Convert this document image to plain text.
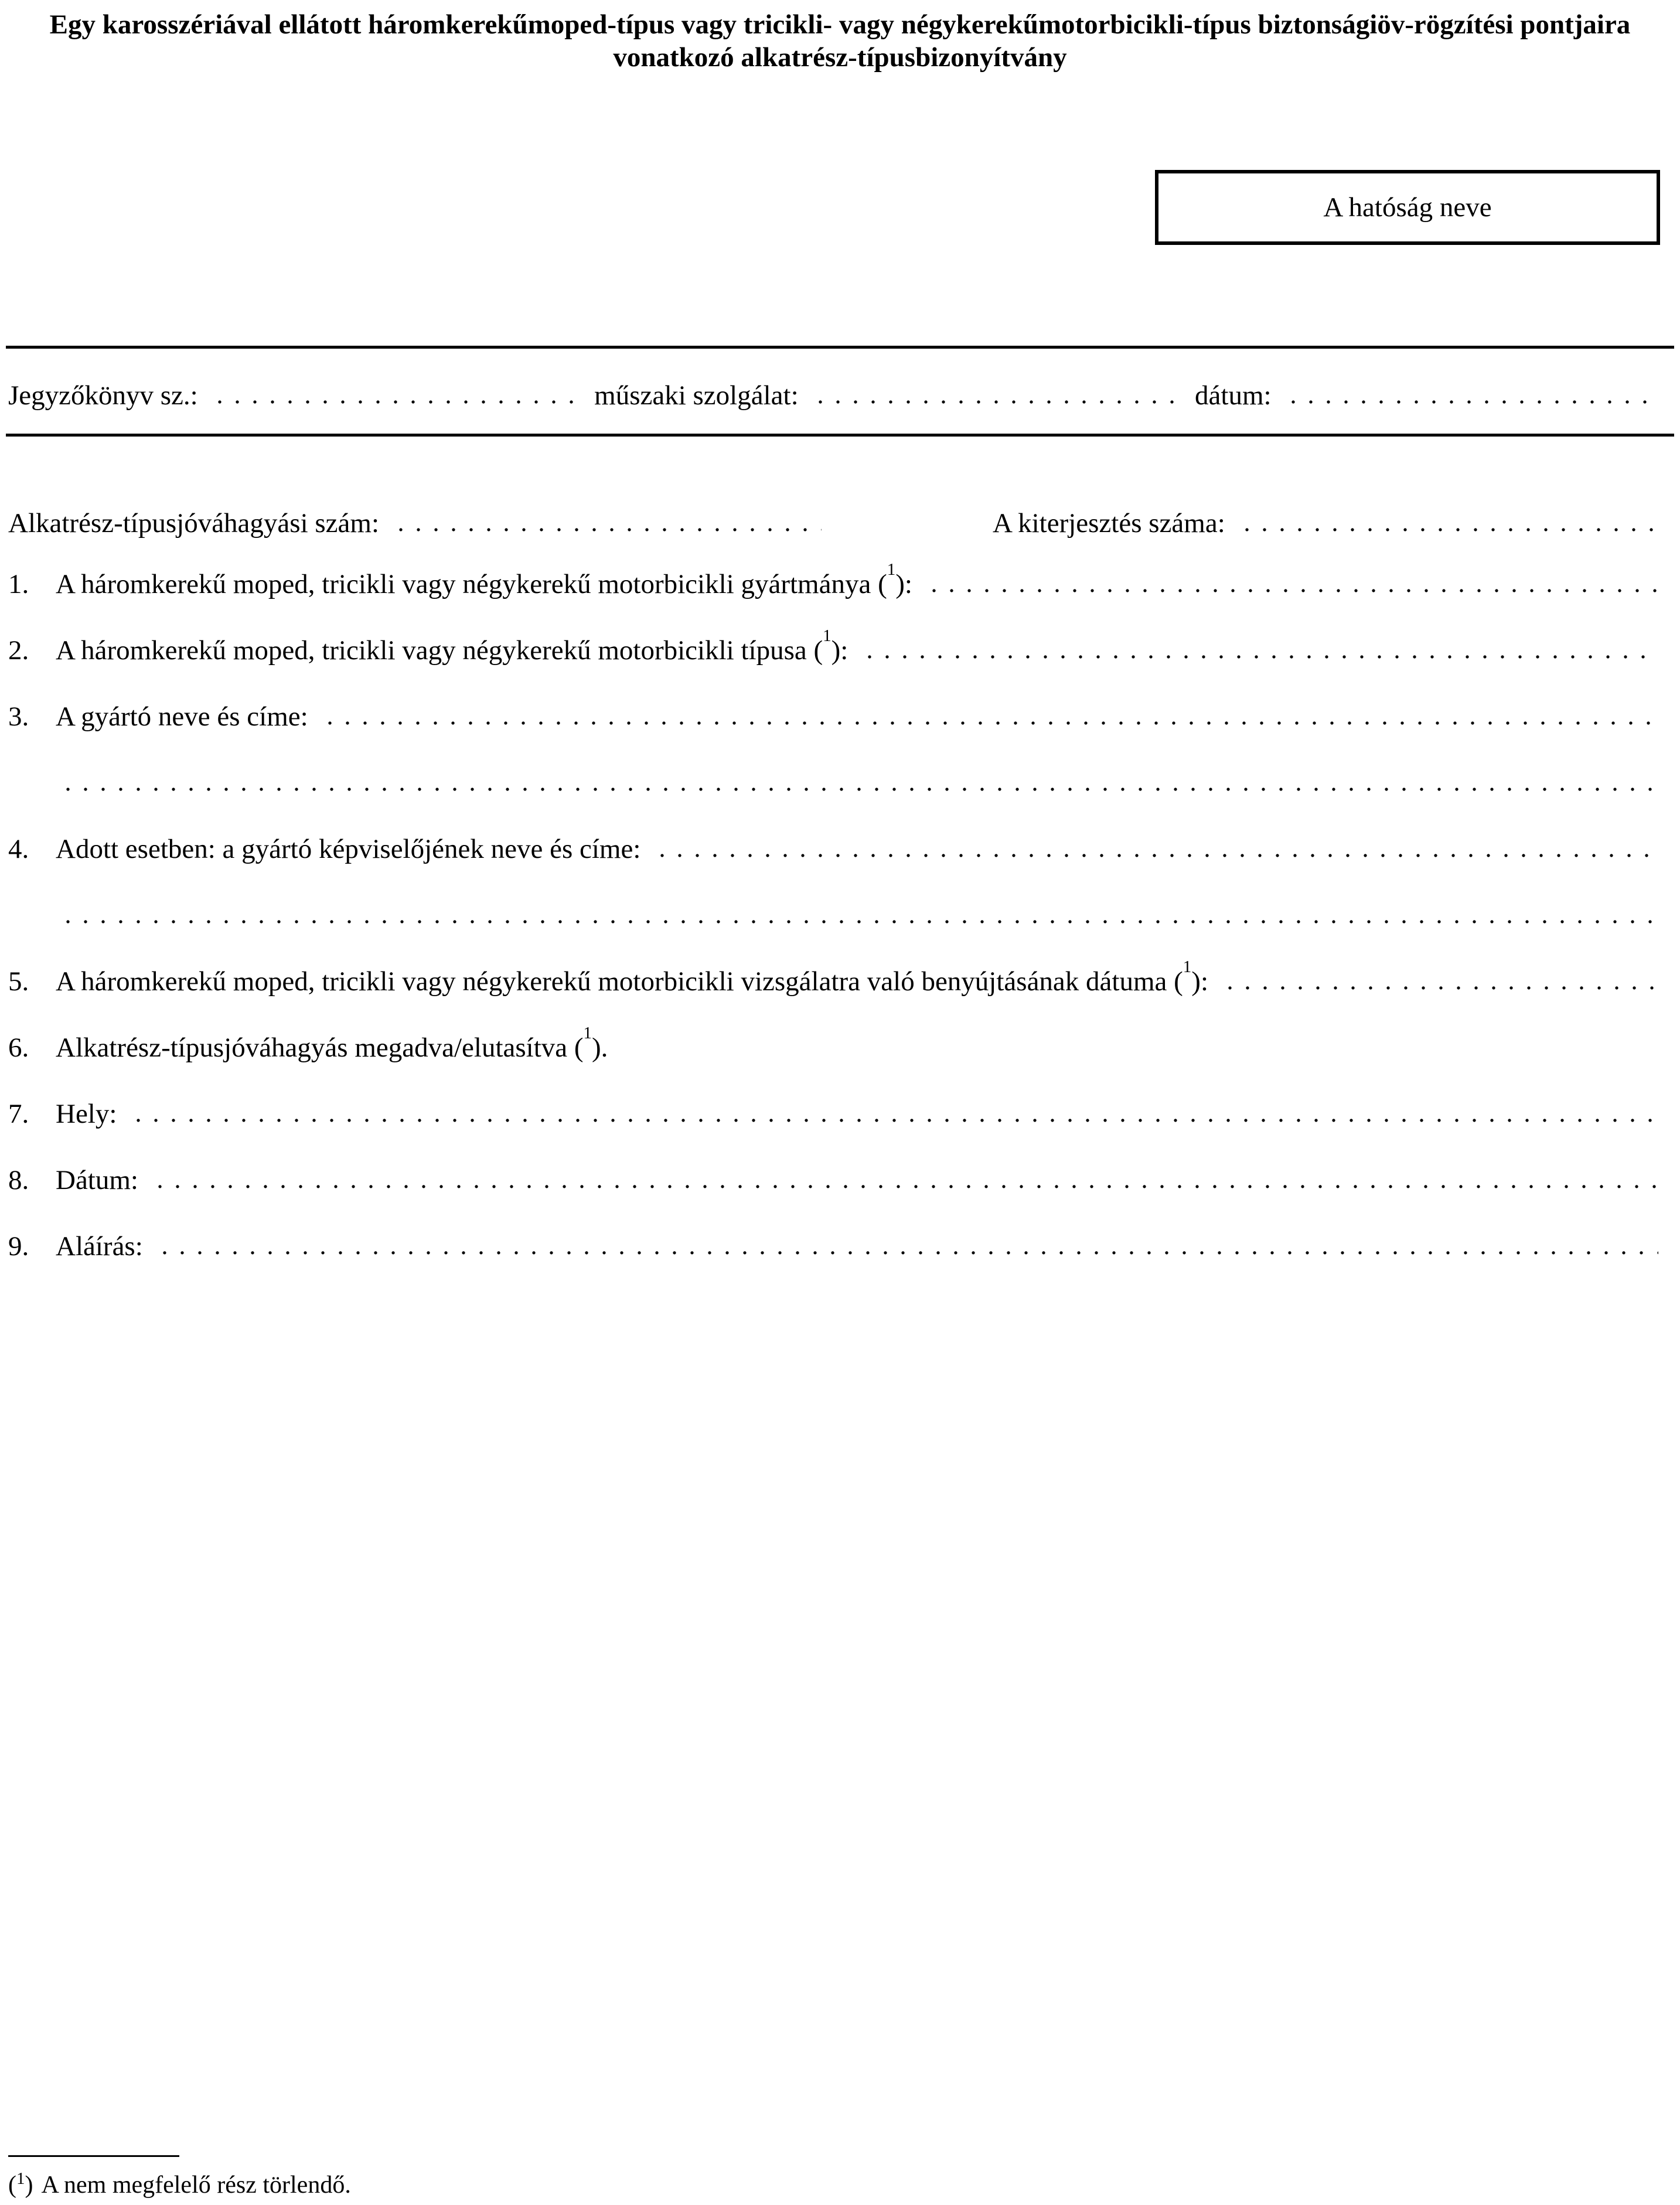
Egy karosszériával ellátott háromkerekűmoped-típus vagy tricikli- vagy négykerekűmotorbicikli-típus biztonságiöv-rögzítési pontjaira
vonatkozó alkatrész-típusbizonyítvány
A hatóság neve
Jegyzőkönyv sz.:	műszaki szolgálat:	dátum:
Alkatrész-típusjóváhagyási szám:	A kiterjesztés száma:
1. A háromkerekű moped, tricikli vagy négykerekű motorbicikli gyártmánya ( 1 ):
2. A háromkerekű moped, tricikli vagy négykerekű motorbicikli típusa ( 1 ):
3. A gyártó neve és címe:
4. Adott esetben: a gyártó képviselőjének neve és címe:
5. A háromkerekű moped, tricikli vagy négykerekű motorbicikli vizsgálatra való benyújtásának dátuma ( 1 ):
6. Alkatrész-típusjóváhagyás megadva/elutasítva ( 1 ).
7. Hely:
8. Dátum:
9. Aláírás:
($^1$) A nem megfelelő rész törlendő.
